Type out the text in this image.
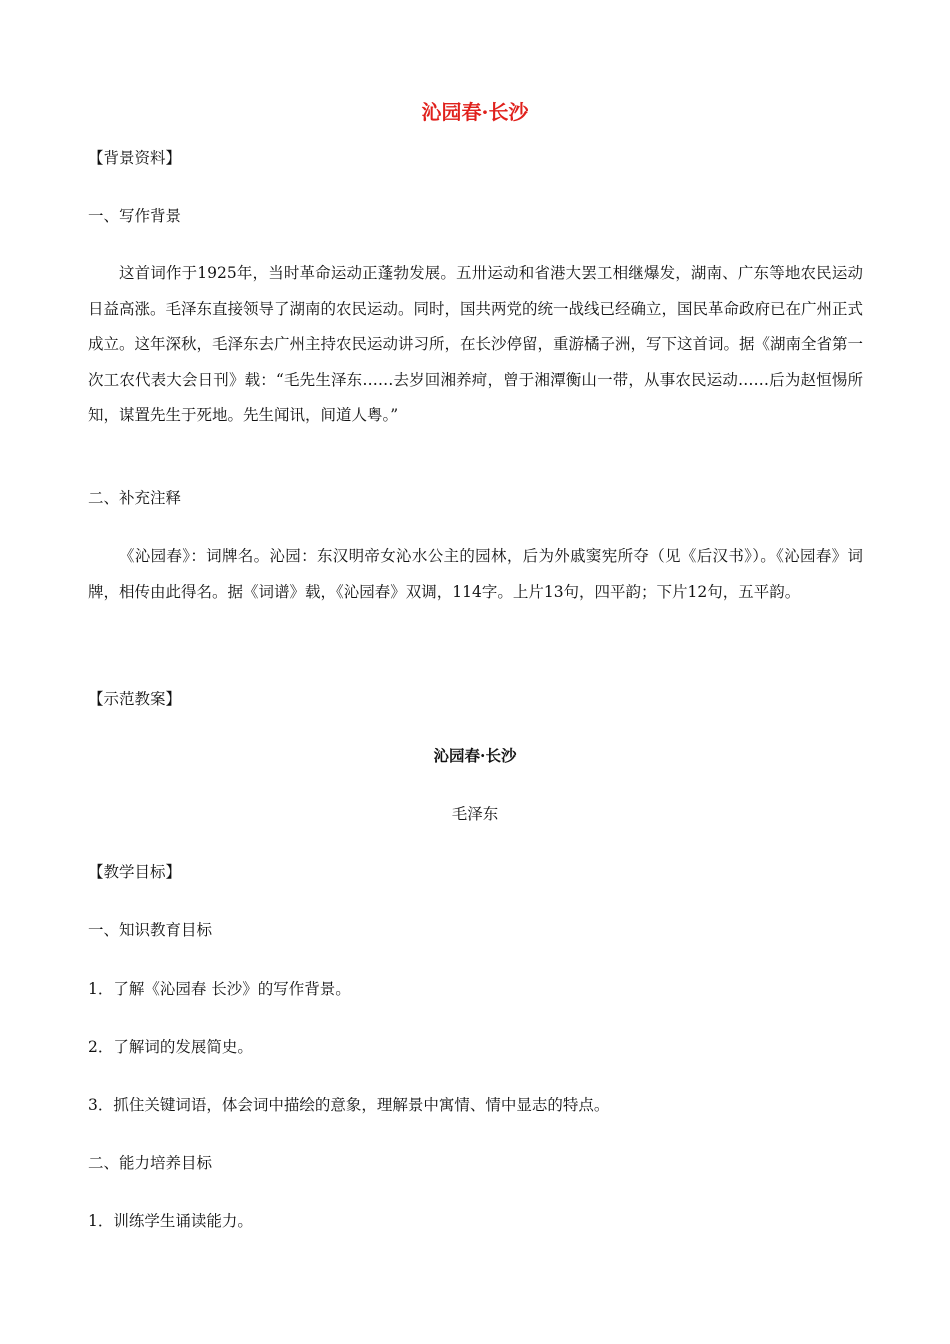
沁园春·长沙
【背景资料】
一、写作背景

这首词作于1925年，当时革命运动正蓬勃发展。五卅运动和省港大罢工相继爆发，湖南、广东等地农民运动日益高涨。毛泽东直接领导了湖南的农民运动。同时，国共两党的统一战线已经确立，国民革命政府已在广州正式成立。这年深秋，毛泽东去广州主持农民运动讲习所，在长沙停留，重游橘子洲，写下这首词。据《湖南全省第一次工农代表大会日刊》载：“毛先生泽东……去岁回湘养疴，曾于湘潭衡山一带，从事农民运动……后为赵恒惕所知，谋置先生于死地。先生闻讯，间道人粤。”

二、补充注释

《沁园春》：词牌名。沁园：东汉明帝女沁水公主的园林，后为外戚窦宪所夺（见《后汉书》）。《沁园春》词牌，相传由此得名。据《词谱》载，《沁园春》双调，114字。上片13句，四平韵；下片12句，五平韵。

【示范教案】
沁园春·长沙
毛泽东
【教学目标】
一、知识教育目标
1．了解《沁园春 长沙》的写作背景。
2．了解词的发展简史。
3．抓住关键词语，体会词中描绘的意象，理解景中寓情、情中显志的特点。
二、能力培养目标
1．训练学生诵读能力。
